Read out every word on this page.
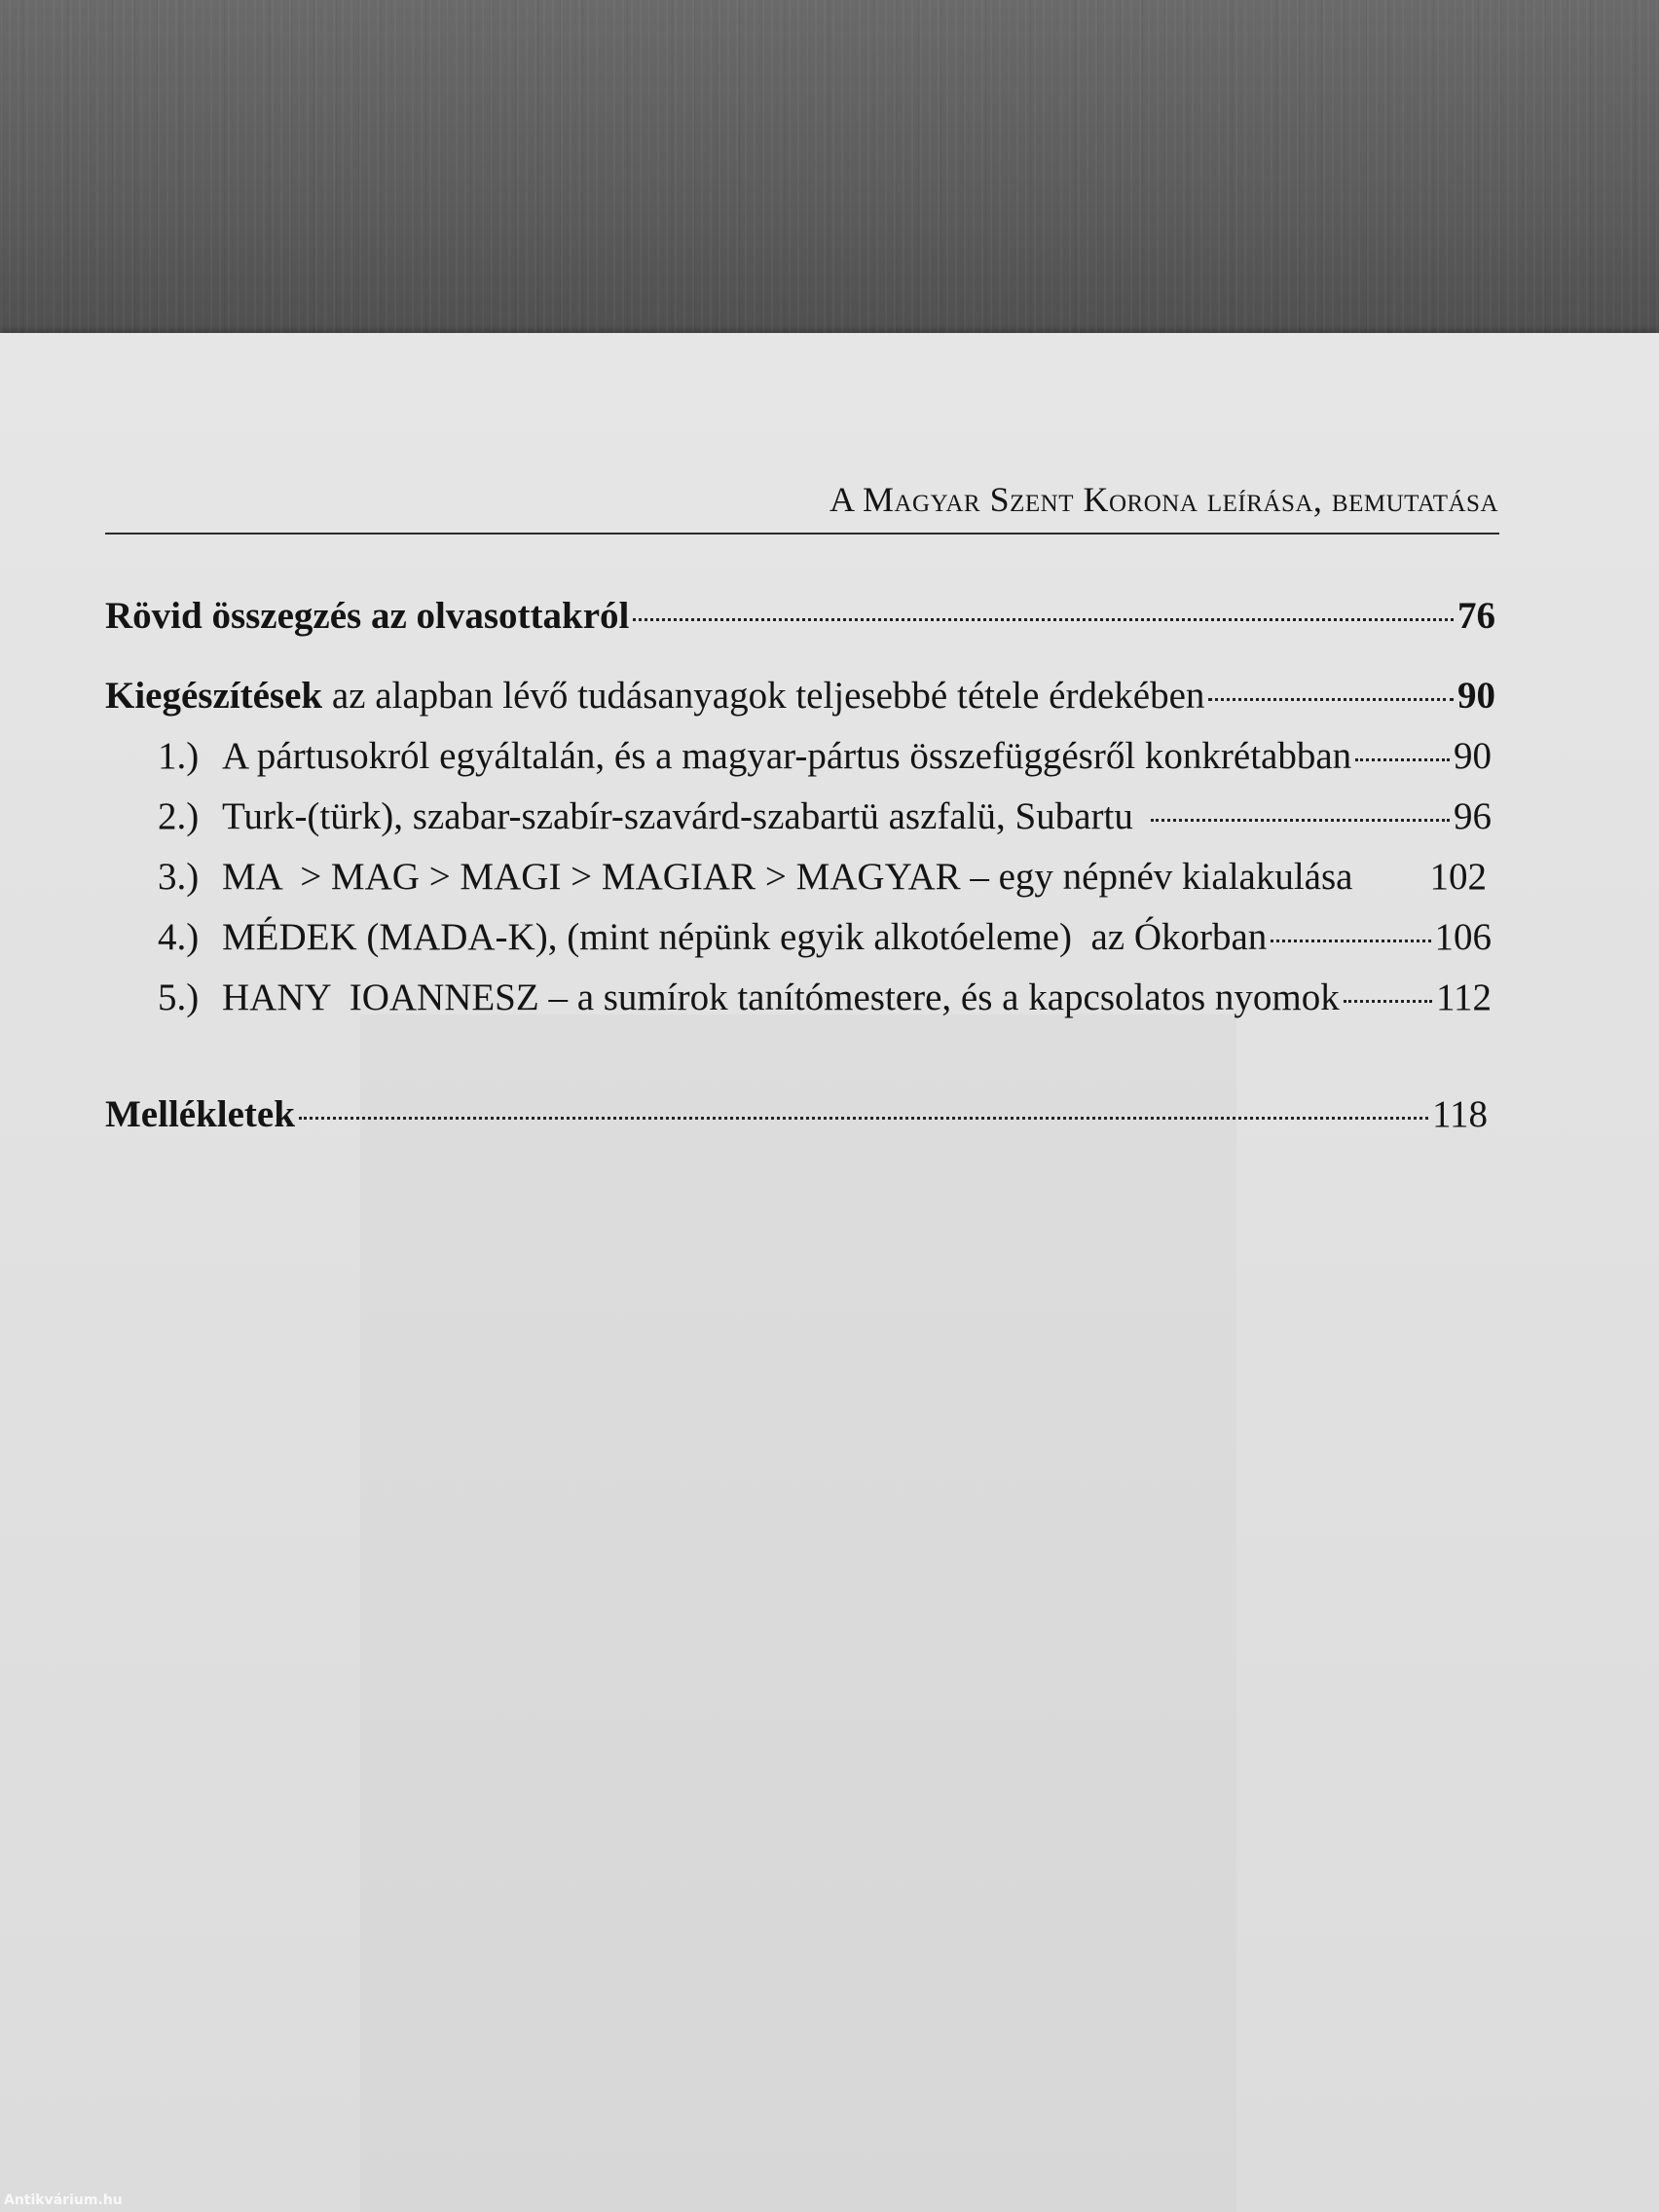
A Magyar Szent Korona leírása, bemutatása
Rövid összegzés az olvasottakról	76
Kiegészítések az alapban lévő tudásanyagok teljesebbé tétele érdekében	90
1.) A pártusokról egyáltalán, és a magyar-pártus összefüggésről konkrétabban	90
2.) Turk-(türk), szabar-szabír-szavárd-szabartü aszfalü, Subartu	96
3.) MA  > MAG > MAGI > MAGIAR > MAGYAR – egy népnév kialakulása 102
4.) MÉDEK (MADA-K), (mint népünk egyik alkotóeleme)  az Ókorban	106
5.) HANY  IOANNESZ – a sumírok tanítómestere, és a kapcsolatos nyomok	112
Mellékletek	118
Antikvárium.hu
